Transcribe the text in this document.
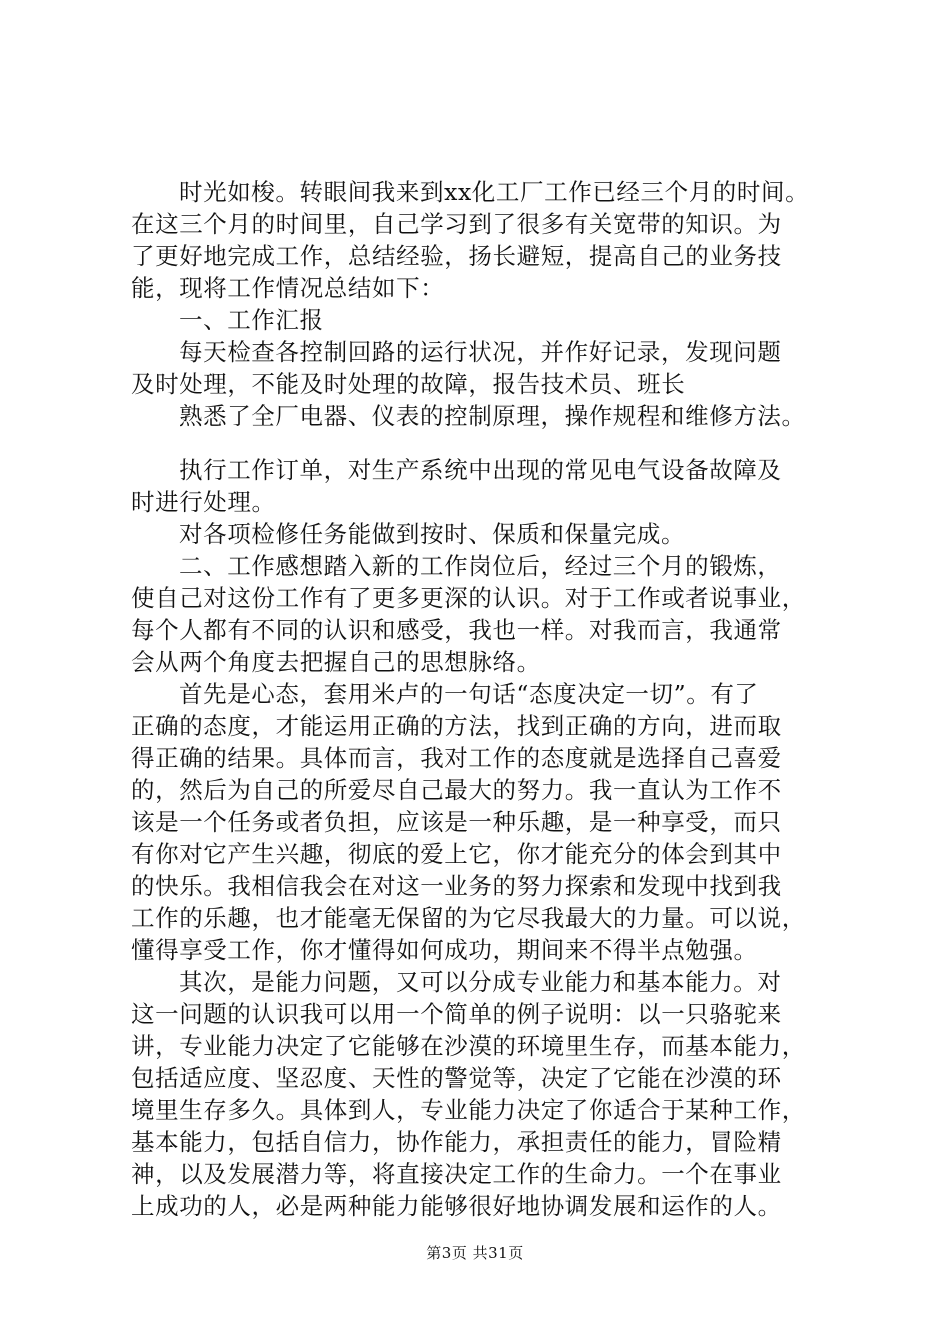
时光如梭。转眼间我来到xx化工厂工作已经三个月的时间。
在这三个月的时间里，自己学习到了很多有关宽带的知识。为
了更好地完成工作，总结经验，扬长避短，提高自己的业务技
能，现将工作情况总结如下：
一、工作汇报
每天检查各控制回路的运行状况，并作好记录，发现问题
及时处理，不能及时处理的故障，报告技术员、班长
熟悉了全厂电器、仪表的控制原理，操作规程和维修方法。
执行工作订单，对生产系统中出现的常见电气设备故障及
时进行处理。
对各项检修任务能做到按时、保质和保量完成。
二、工作感想踏入新的工作岗位后，经过三个月的锻炼，
使自己对这份工作有了更多更深的认识。对于工作或者说事业，
每个人都有不同的认识和感受，我也一样。对我而言，我通常
会从两个角度去把握自己的思想脉络。
首先是心态，套用米卢的一句话“态度决定一切”。有了
正确的态度，才能运用正确的方法，找到正确的方向，进而取
得正确的结果。具体而言，我对工作的态度就是选择自己喜爱
的，然后为自己的所爱尽自己最大的努力。我一直认为工作不
该是一个任务或者负担，应该是一种乐趣，是一种享受，而只
有你对它产生兴趣，彻底的爱上它，你才能充分的体会到其中
的快乐。我相信我会在对这一业务的努力探索和发现中找到我
工作的乐趣，也才能毫无保留的为它尽我最大的力量。可以说，
懂得享受工作，你才懂得如何成功，期间来不得半点勉强。
其次，是能力问题，又可以分成专业能力和基本能力。对
这一问题的认识我可以用一个简单的例子说明：以一只骆驼来
讲，专业能力决定了它能够在沙漠的环境里生存，而基本能力，
包括适应度、坚忍度、天性的警觉等，决定了它能在沙漠的环
境里生存多久。具体到人，专业能力决定了你适合于某种工作，
基本能力，包括自信力，协作能力，承担责任的能力，冒险精
神，以及发展潜力等，将直接决定工作的生命力。一个在事业
上成功的人，必是两种能力能够很好地协调发展和运作的人。
第3页 共31页
